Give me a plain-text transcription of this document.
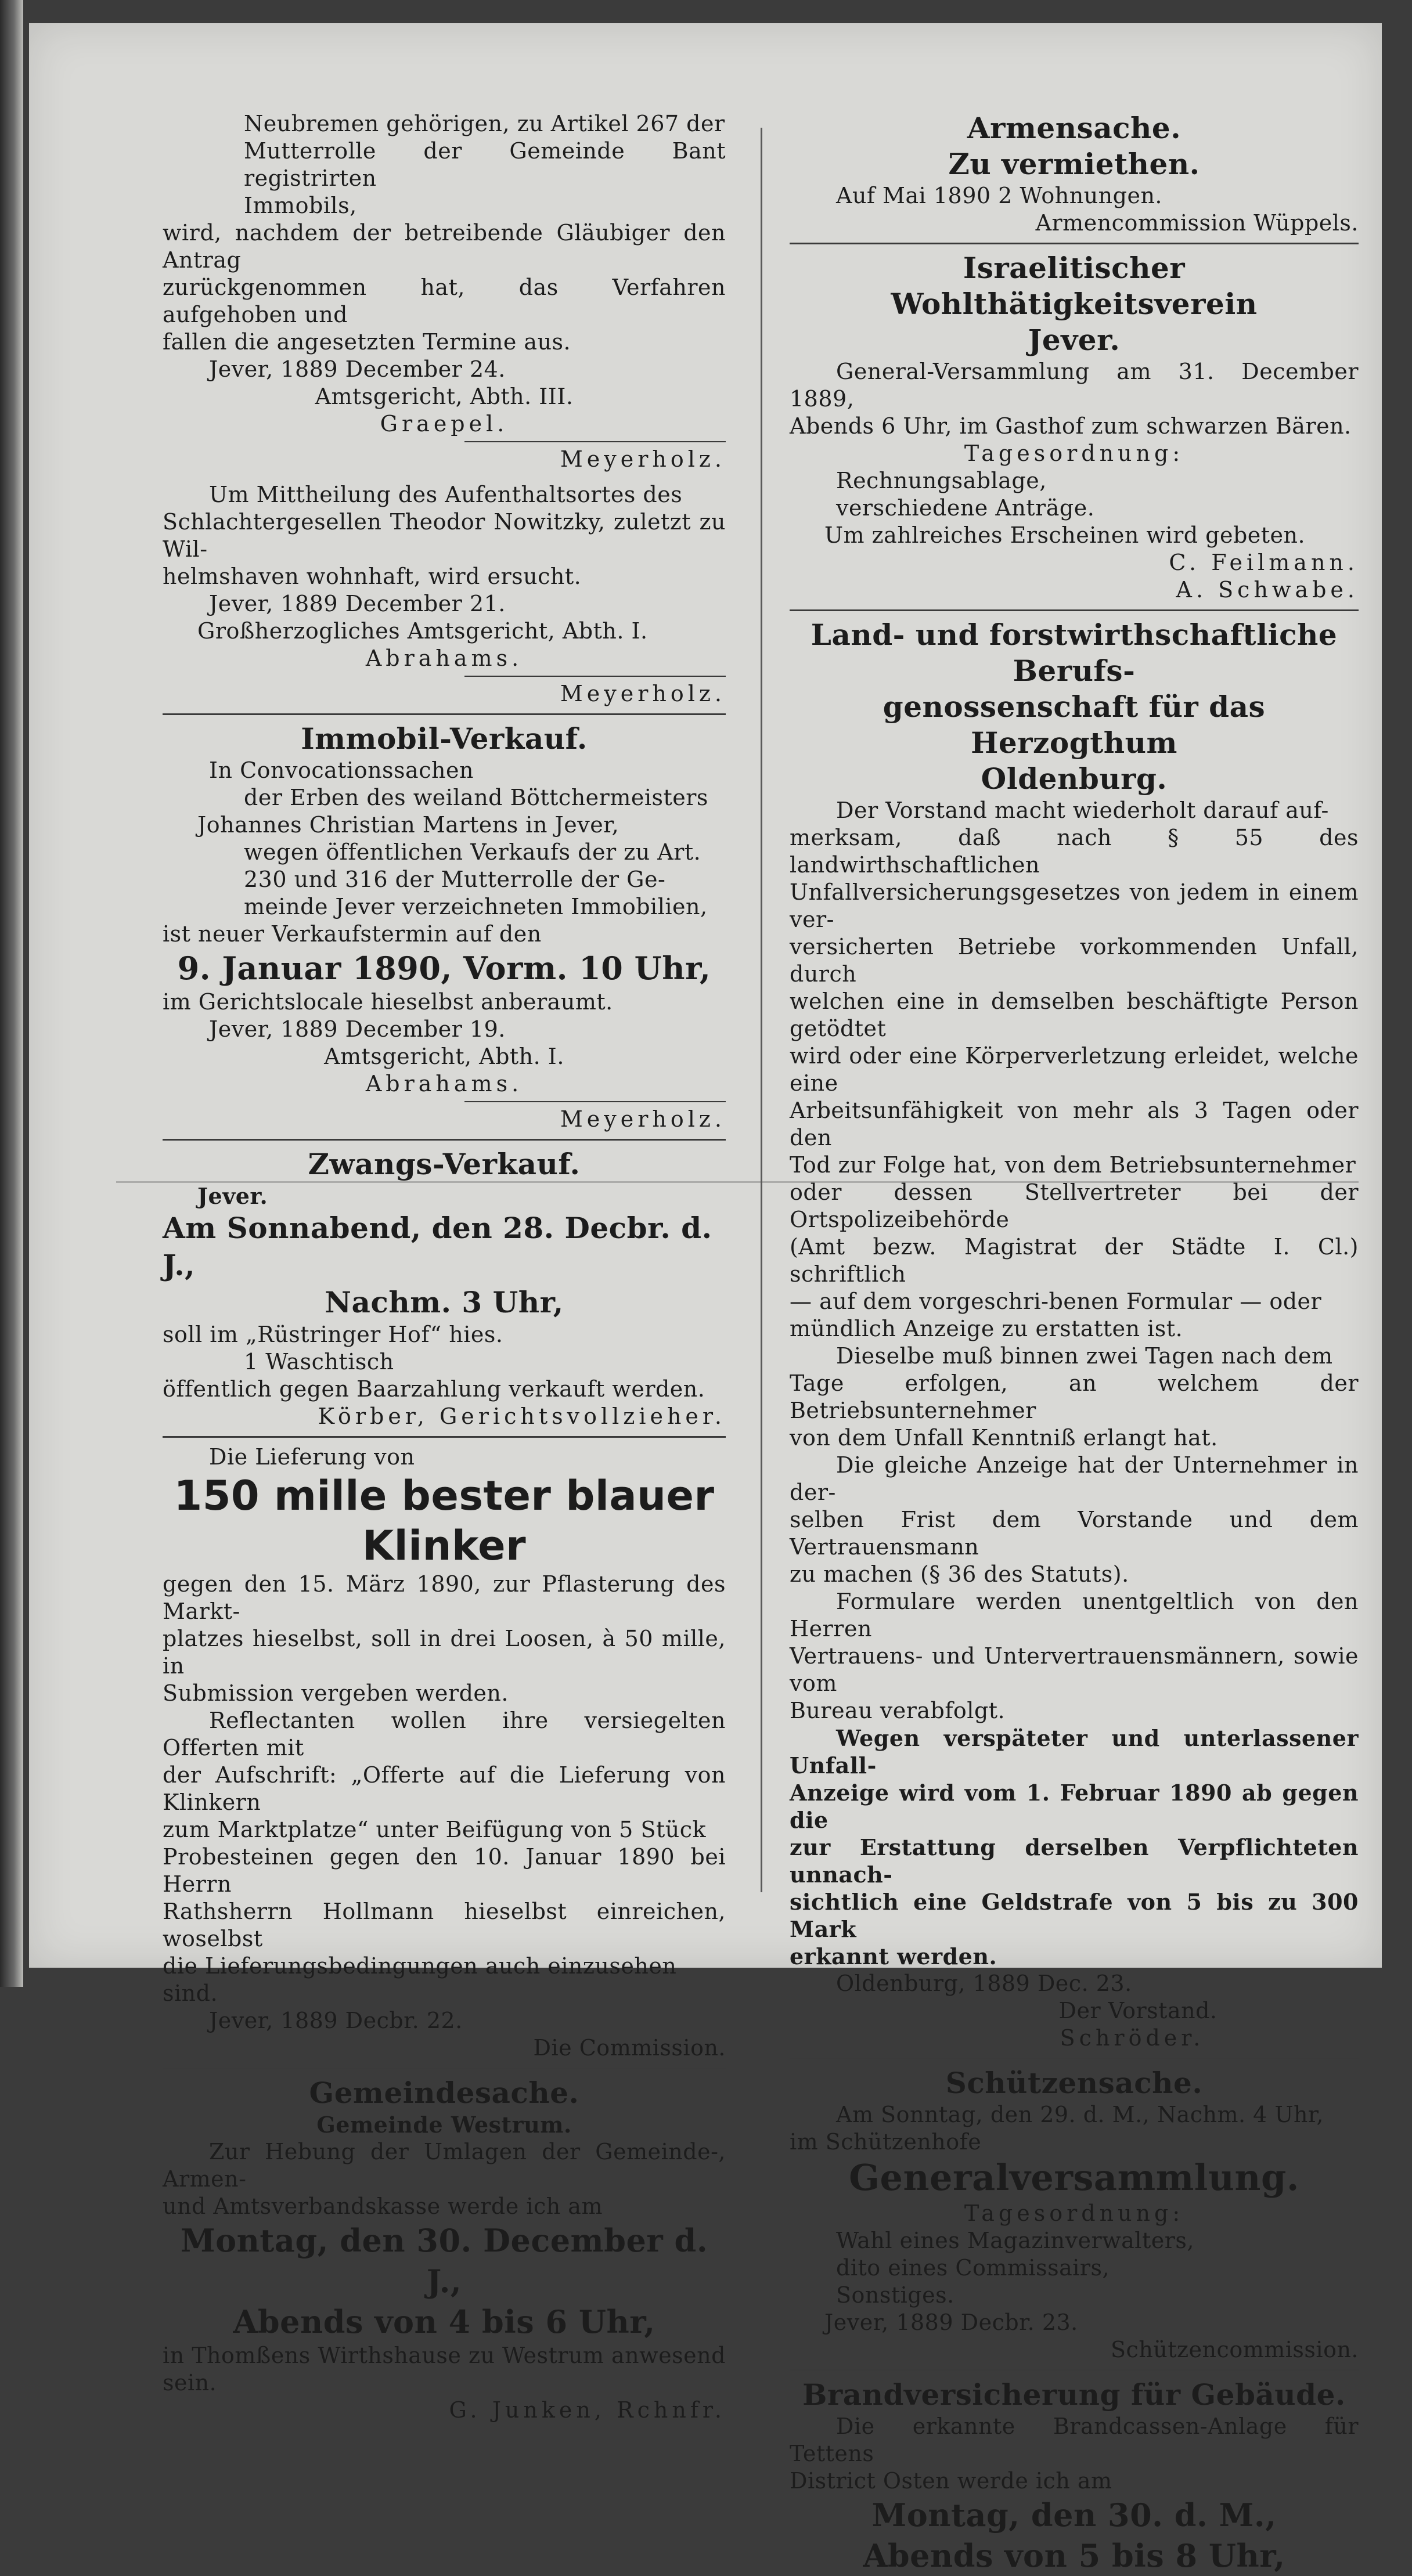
Neubremen gehörigen, zu Artikel 267 der

Mutterrolle der Gemeinde Bant registrirten

Immobils,

wird, nachdem der betreibende Gläubiger den Antrag

zurückgenommen hat, das Verfahren aufgehoben und

fallen die angesetzten Termine aus.

Jever, 1889 December 24.

Amtsgericht, Abth. III.

Graepel.

Meyerholz.

Um Mittheilung des Aufenthaltsortes des

Schlachtergesellen Theodor Nowitzky, zuletzt zu Wil-

helmshaven wohnhaft, wird ersucht.

Jever, 1889 December 21.

Großherzogliches Amtsgericht, Abth. I.

Abrahams.

Meyerholz.

Immobil-Verkauf.

In Convocationssachen

der Erben des weiland Böttchermeisters

Johannes Christian Martens in Jever,

wegen öffentlichen Verkaufs der zu Art.

230 und 316 der Mutterrolle der Ge-

meinde Jever verzeichneten Immobilien,

ist neuer Verkaufstermin auf den

9. Januar 1890, Vorm. 10 Uhr,

im Gerichtslocale hieselbst anberaumt.

Jever, 1889 December 19.

Amtsgericht, Abth. I.

Abrahams.

Meyerholz.

Zwangs-Verkauf.

Jever.

Am Sonnabend, den 28. Decbr. d. J.,

Nachm. 3 Uhr,

soll im „Rüstringer Hof“ hies.

1 Waschtisch

öffentlich gegen Baarzahlung verkauft werden.

Körber, Gerichtsvollzieher.

Die Lieferung von

150 mille bester blauer

Klinker

gegen den 15. März 1890, zur Pflasterung des Markt-

platzes hieselbst, soll in drei Loosen, à 50 mille, in

Submission vergeben werden.

Reflectanten wollen ihre versiegelten Offerten mit

der Aufschrift: „Offerte auf die Lieferung von Klinkern

zum Marktplatze“ unter Beifügung von 5 Stück

Probesteinen gegen den 10. Januar 1890 bei Herrn

Rathsherrn Hollmann hieselbst einreichen, woselbst

die Lieferungsbedingungen auch einzusehen sind.

Jever, 1889 Decbr. 22.

Die Commission.

Gemeindesache.

Gemeinde Westrum.

Zur Hebung der Umlagen der Gemeinde-, Armen-

und Amtsverbandskasse werde ich am

Montag, den 30. December d. J.,

Abends von 4 bis 6 Uhr,

in Thomßens Wirthshause zu Westrum anwesend sein.

G. Junken, Rchnfr.

Armensache.

Zu vermiethen.

Auf Mai 1890 2 Wohnungen.

Armencommission Wüppels.

Israelitischer Wohlthätigkeitsverein

Jever.

General-Versammlung am 31. December 1889,

Abends 6 Uhr, im Gasthof zum schwarzen Bären.

Tagesordnung:

Rechnungsablage,

verschiedene Anträge.

Um zahlreiches Erscheinen wird gebeten.

C. Feilmann.

A. Schwabe.

Land- und forstwirthschaftliche Berufs-

genossenschaft für das Herzogthum

Oldenburg.

Der Vorstand macht wiederholt darauf auf-

merksam, daß nach § 55 des landwirthschaftlichen

Unfallversicherungsgesetzes von jedem in einem ver-

versicherten Betriebe vorkommenden Unfall, durch

welchen eine in demselben beschäftigte Person getödtet

wird oder eine Körperverletzung erleidet, welche eine

Arbeitsunfähigkeit von mehr als 3 Tagen oder den

Tod zur Folge hat, von dem Betriebsunternehmer

oder dessen Stellvertreter bei der Ortspolizeibehörde

(Amt bezw. Magistrat der Städte I. Cl.) schriftlich

— auf dem vorgeschri-benen Formular — oder

mündlich Anzeige zu erstatten ist.

Dieselbe muß binnen zwei Tagen nach dem

Tage erfolgen, an welchem der Betriebsunternehmer

von dem Unfall Kenntniß erlangt hat.

Die gleiche Anzeige hat der Unternehmer in der-

selben Frist dem Vorstande und dem Vertrauensmann

zu machen (§ 36 des Statuts).

Formulare werden unentgeltlich von den Herren

Vertrauens- und Untervertrauensmännern, sowie vom

Bureau verabfolgt.

Wegen verspäteter und unterlassener Unfall-

Anzeige wird vom 1. Februar 1890 ab gegen die

zur Erstattung derselben Verpflichteten unnach-

sichtlich eine Geldstrafe von 5 bis zu 300 Mark

erkannt werden.

Oldenburg, 1889 Dec. 23.

Der Vorstand.

Schröder.

Schützensache.

Am Sonntag, den 29. d. M., Nachm. 4 Uhr,

im Schützenhofe

Generalversammlung.

Tagesordnung:

Wahl eines Magazinverwalters,

dito eines Commissairs,

Sonstiges.

Jever, 1889 Decbr. 23.

Schützencommission.

Brandversicherung für Gebäude.

Die erkannte Brandcassen-Anlage für Tettens

District Osten werde ich am

Montag, den 30. d. M.,

Abends von 5 bis 8 Uhr,
